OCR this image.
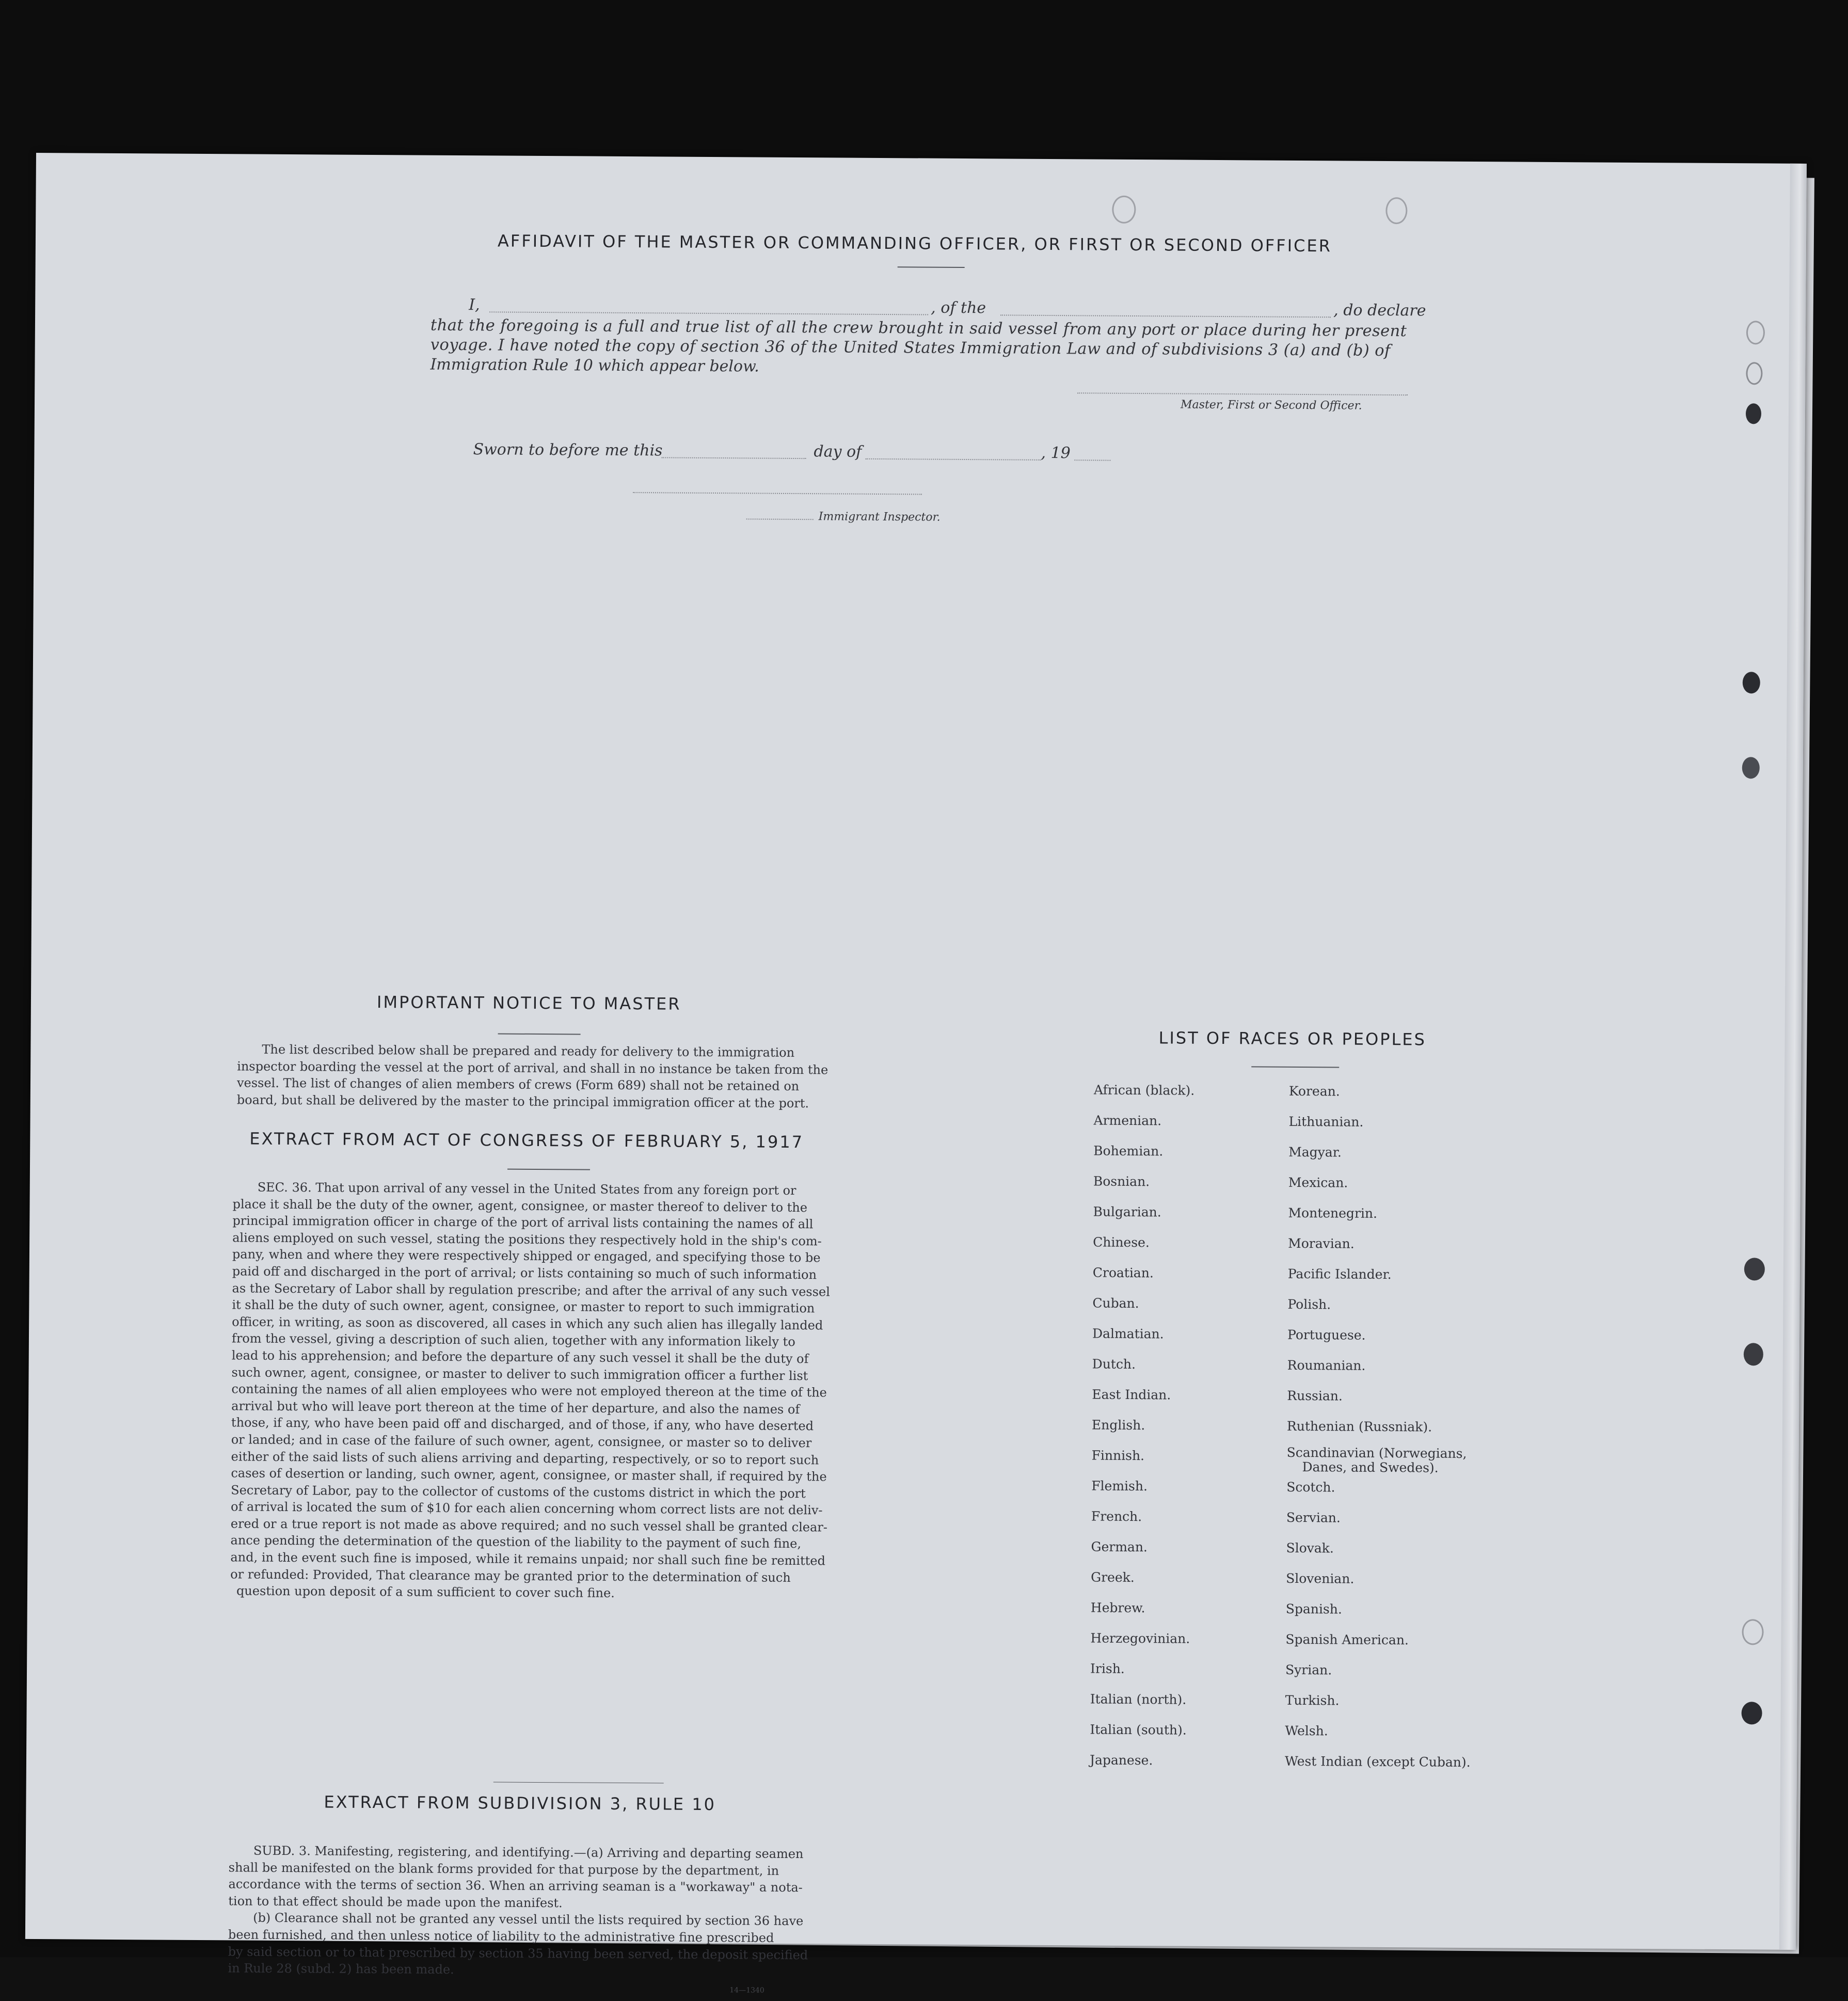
AFFIDAVIT OF THE MASTER OR COMMANDING OFFICER, OR FIRST OR SECOND OFFICER
I,	, of the	, do declare
that the foregoing is a full and true list of all the crew brought in said vessel from any port or place during her present
voyage. I have noted the copy of section 36 of the United States Immigration Law and of subdivisions 3 (a) and (b) of
Immigration Rule 10 which appear below.
Master, First or Second Officer.
Sworn to before me this	day of	, 19
Immigrant Inspector.
IMPORTANT NOTICE TO MASTER
The list described below shall be prepared and ready for delivery to the immigration
inspector boarding the vessel at the port of arrival, and shall in no instance be taken from the
vessel. The list of changes of alien members of crews (Form 689) shall not be retained on
board, but shall be delivered by the master to the principal immigration officer at the port.
EXTRACT FROM ACT OF CONGRESS OF FEBRUARY 5, 1917
SEC. 36. That upon arrival of any vessel in the United States from any foreign port or
place it shall be the duty of the owner, agent, consignee, or master thereof to deliver to the
principal immigration officer in charge of the port of arrival lists containing the names of all
aliens employed on such vessel, stating the positions they respectively hold in the ship's com-
pany, when and where they were respectively shipped or engaged, and specifying those to be
paid off and discharged in the port of arrival; or lists containing so much of such information
as the Secretary of Labor shall by regulation prescribe; and after the arrival of any such vessel
it shall be the duty of such owner, agent, consignee, or master to report to such immigration
officer, in writing, as soon as discovered, all cases in which any such alien has illegally landed
from the vessel, giving a description of such alien, together with any information likely to
lead to his apprehension; and before the departure of any such vessel it shall be the duty of
such owner, agent, consignee, or master to deliver to such immigration officer a further list
containing the names of all alien employees who were not employed thereon at the time of the
arrival but who will leave port thereon at the time of her departure, and also the names of
those, if any, who have been paid off and discharged, and of those, if any, who have deserted
or landed; and in case of the failure of such owner, agent, consignee, or master so to deliver
either of the said lists of such aliens arriving and departing, respectively, or so to report such
cases of desertion or landing, such owner, agent, consignee, or master shall, if required by the
Secretary of Labor, pay to the collector of customs of the customs district in which the port
of arrival is located the sum of $10 for each alien concerning whom correct lists are not deliv-
ered or a true report is not made as above required; and no such vessel shall be granted clear-
ance pending the determination of the question of the liability to the payment of such fine,
and, in the event such fine is imposed, while it remains unpaid; nor shall such fine be remitted
or refunded: Provided, That clearance may be granted prior to the determination of such
question upon deposit of a sum sufficient to cover such fine.
EXTRACT FROM SUBDIVISION 3, RULE 10
SUBD. 3. Manifesting, registering, and identifying.—(a) Arriving and departing seamen
shall be manifested on the blank forms provided for that purpose by the department, in
accordance with the terms of section 36. When an arriving seaman is a "workaway" a nota-
tion to that effect should be made upon the manifest.
(b) Clearance shall not be granted any vessel until the lists required by section 36 have
been furnished, and then unless notice of liability to the administrative fine prescribed
by said section or to that prescribed by section 35 having been served, the deposit specified
in Rule 28 (subd. 2) has been made.
14—1340
LIST OF RACES OR PEOPLES
African (black).
Armenian.
Bohemian.
Bosnian.
Bulgarian.
Chinese.
Croatian.
Cuban.
Dalmatian.
Dutch.
East Indian.
English.
Finnish.
Flemish.
French.
German.
Greek.
Hebrew.
Herzegovinian.
Irish.
Italian (north).
Italian (south).
Japanese.
Korean.
Lithuanian.
Magyar.
Mexican.
Montenegrin.
Moravian.
Pacific Islander.
Polish.
Portuguese.
Roumanian.
Russian.
Ruthenian (Russniak).
Scandinavian (Norwegians,
Danes, and Swedes).
Scotch.
Servian.
Slovak.
Slovenian.
Spanish.
Spanish American.
Syrian.
Turkish.
Welsh.
West Indian (except Cuban).
